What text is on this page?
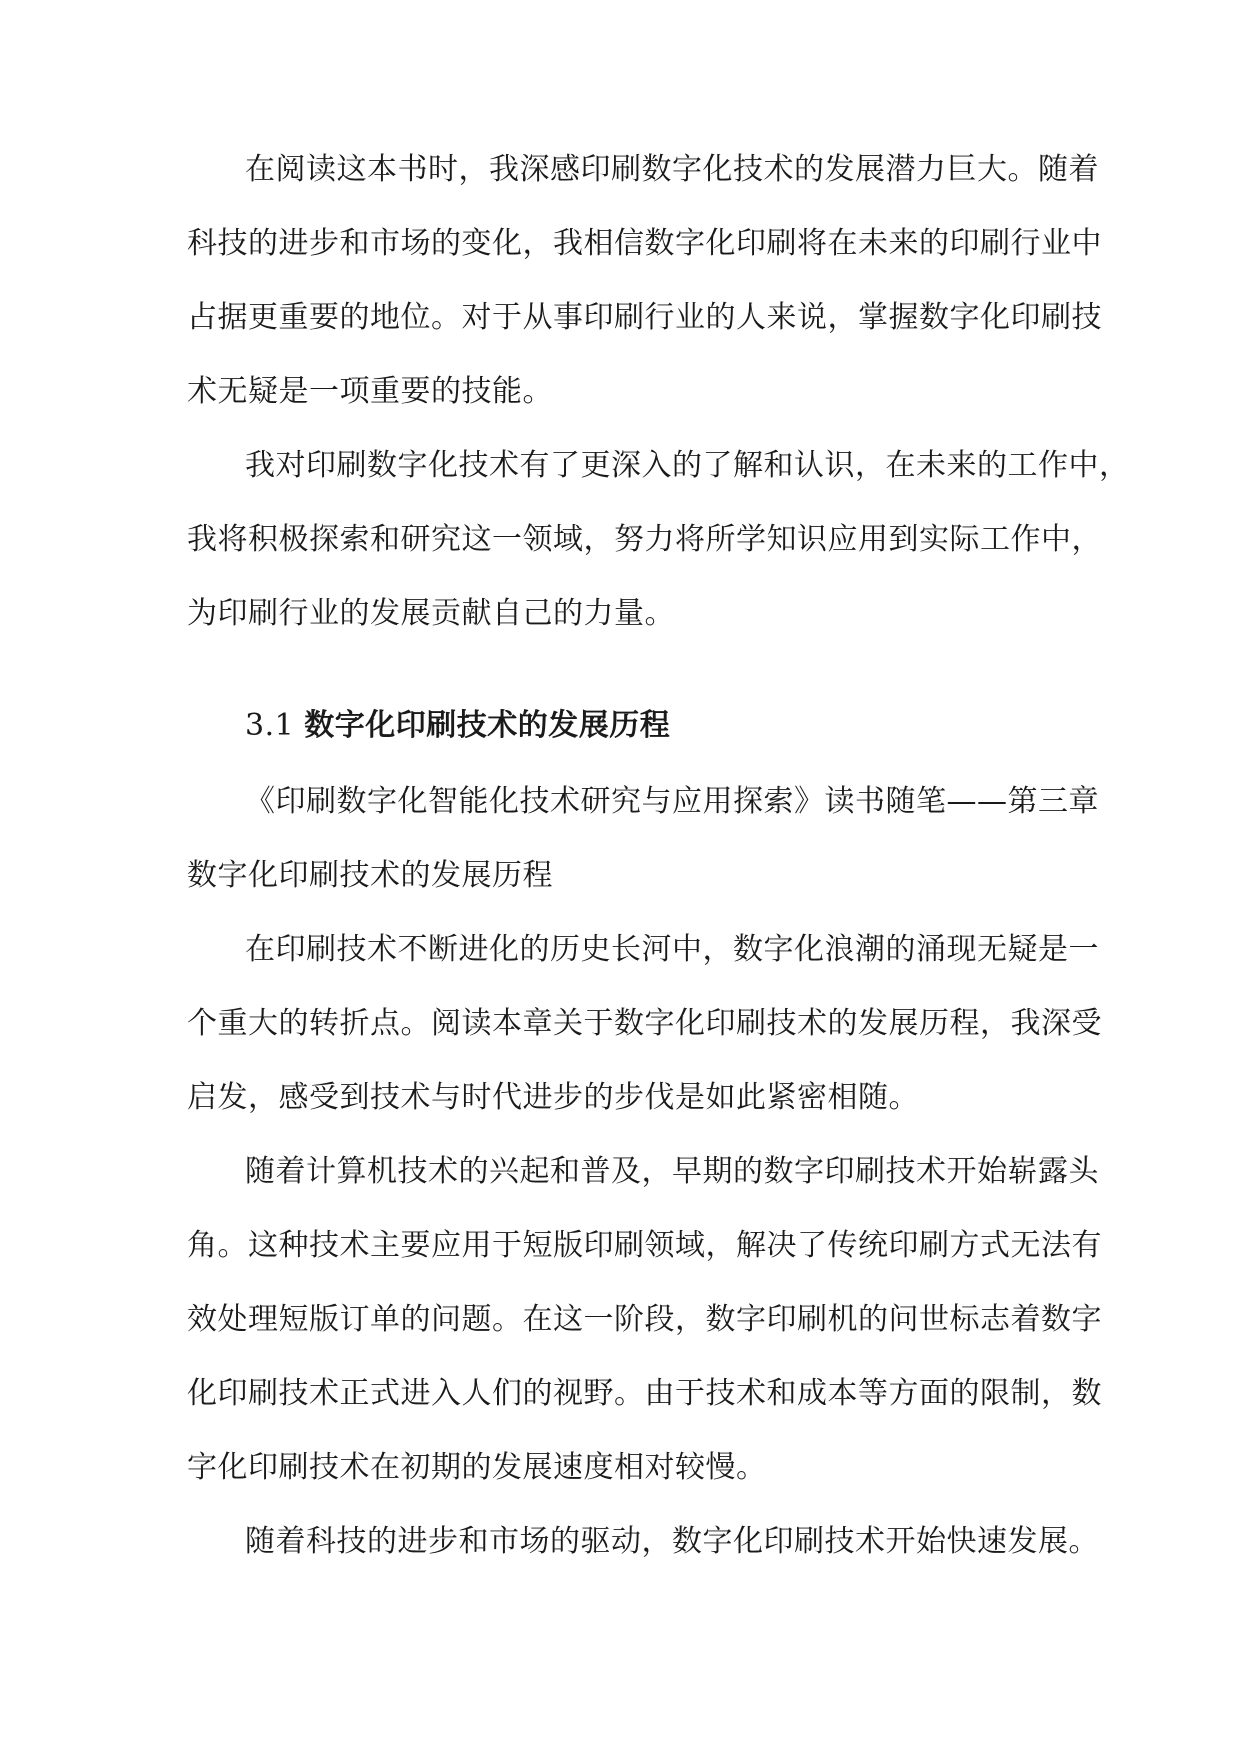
在阅读这本书时，我深感印刷数字化技术的发展潜力巨大。随着
科技的进步和市场的变化，我相信数字化印刷将在未来的印刷行业中
占据更重要的地位。对于从事印刷行业的人来说，掌握数字化印刷技
术无疑是一项重要的技能。
我对印刷数字化技术有了更深入的了解和认识，在未来的工作中，
我将积极探索和研究这一领域，努力将所学知识应用到实际工作中，
为印刷行业的发展贡献自己的力量。
3.1 数字化印刷技术的发展历程
《印刷数字化智能化技术研究与应用探索》读书随笔——第三章
数字化印刷技术的发展历程
在印刷技术不断进化的历史长河中，数字化浪潮的涌现无疑是一
个重大的转折点。阅读本章关于数字化印刷技术的发展历程，我深受
启发，感受到技术与时代进步的步伐是如此紧密相随。
随着计算机技术的兴起和普及，早期的数字印刷技术开始崭露头
角。这种技术主要应用于短版印刷领域，解决了传统印刷方式无法有
效处理短版订单的问题。在这一阶段，数字印刷机的问世标志着数字
化印刷技术正式进入人们的视野。由于技术和成本等方面的限制，数
字化印刷技术在初期的发展速度相对较慢。
随着科技的进步和市场的驱动，数字化印刷技术开始快速发展。
